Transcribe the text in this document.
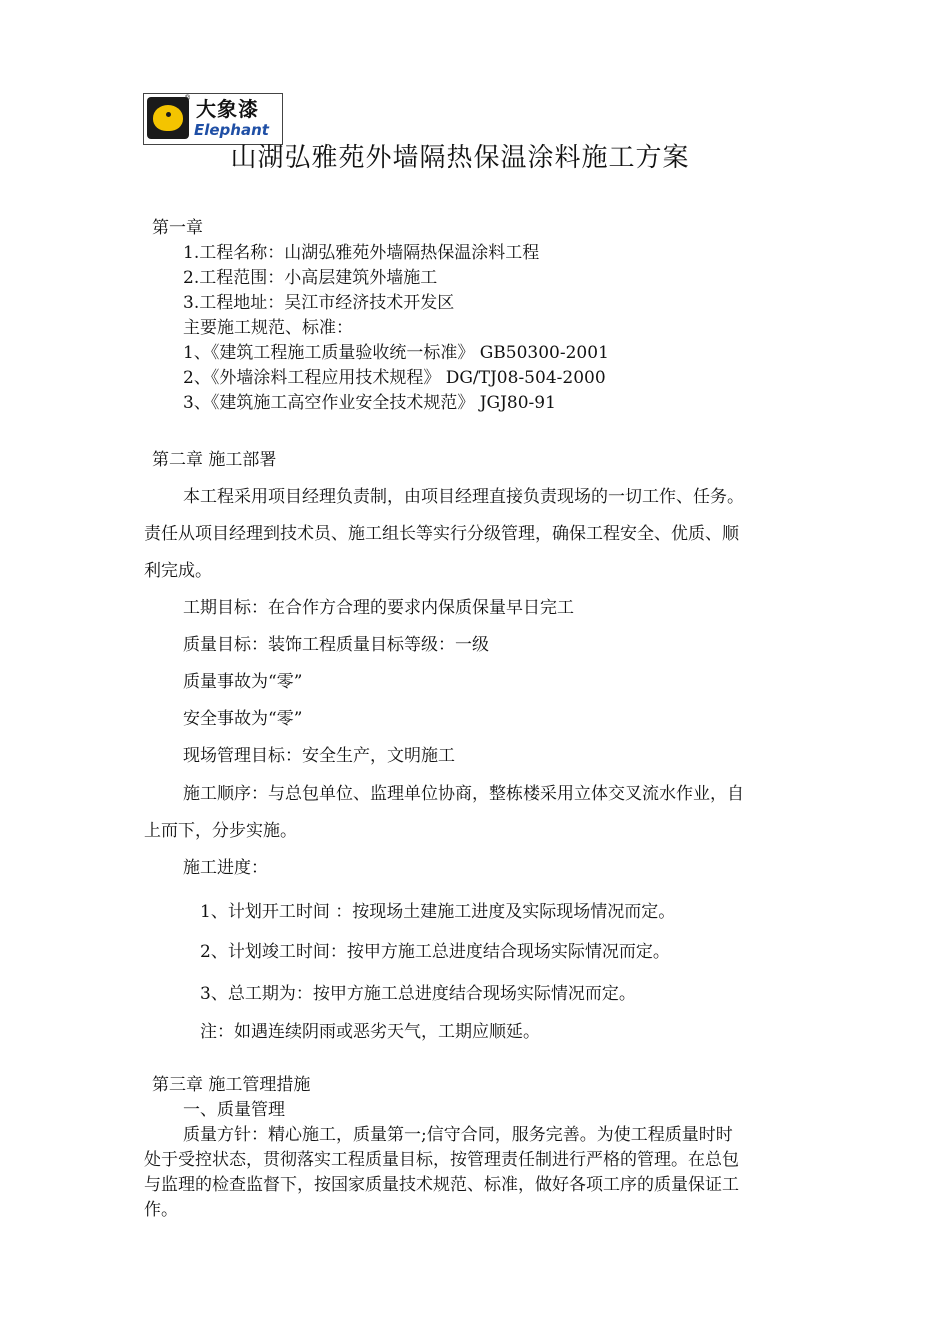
® 大象漆
Elephant
山湖弘雅苑外墙隔热保温涂料施工方案
第一章
1.工程名称：山湖弘雅苑外墙隔热保温涂料工程
2.工程范围：小高层建筑外墙施工
3.工程地址：吴江市经济技术开发区
主要施工规范、标准：
1、《建筑工程施工质量验收统一标准》 GB50300-2001
2、《外墙涂料工程应用技术规程》 DG/TJ08-504-2000
3、《建筑施工高空作业安全技术规范》 JGJ80-91
第二章 施工部署
本工程采用项目经理负责制，由项目经理直接负责现场的一切工作、任务。
责任从项目经理到技术员、施工组长等实行分级管理，确保工程安全、优质、顺
利完成。
工期目标：在合作方合理的要求内保质保量早日完工
质量目标：装饰工程质量目标等级：一级
质量事故为“零”
安全事故为“零”
现场管理目标：安全生产，文明施工
施工顺序：与总包单位、监理单位协商，整栋楼采用立体交叉流水作业，自
上而下，分步实施。
施工进度：
1、计划开工时间 ：按现场土建施工进度及实际现场情况而定。
2、计划竣工时间：按甲方施工总进度结合现场实际情况而定。
3、总工期为：按甲方施工总进度结合现场实际情况而定。
注：如遇连续阴雨或恶劣天气，工期应顺延。
第三章 施工管理措施
一、质量管理
质量方针：精心施工，质量第一;信守合同，服务完善。为使工程质量时时
处于受控状态，贯彻落实工程质量目标，按管理责任制进行严格的管理。在总包
与监理的检查监督下，按国家质量技术规范、标准，做好各项工序的质量保证工
作。
